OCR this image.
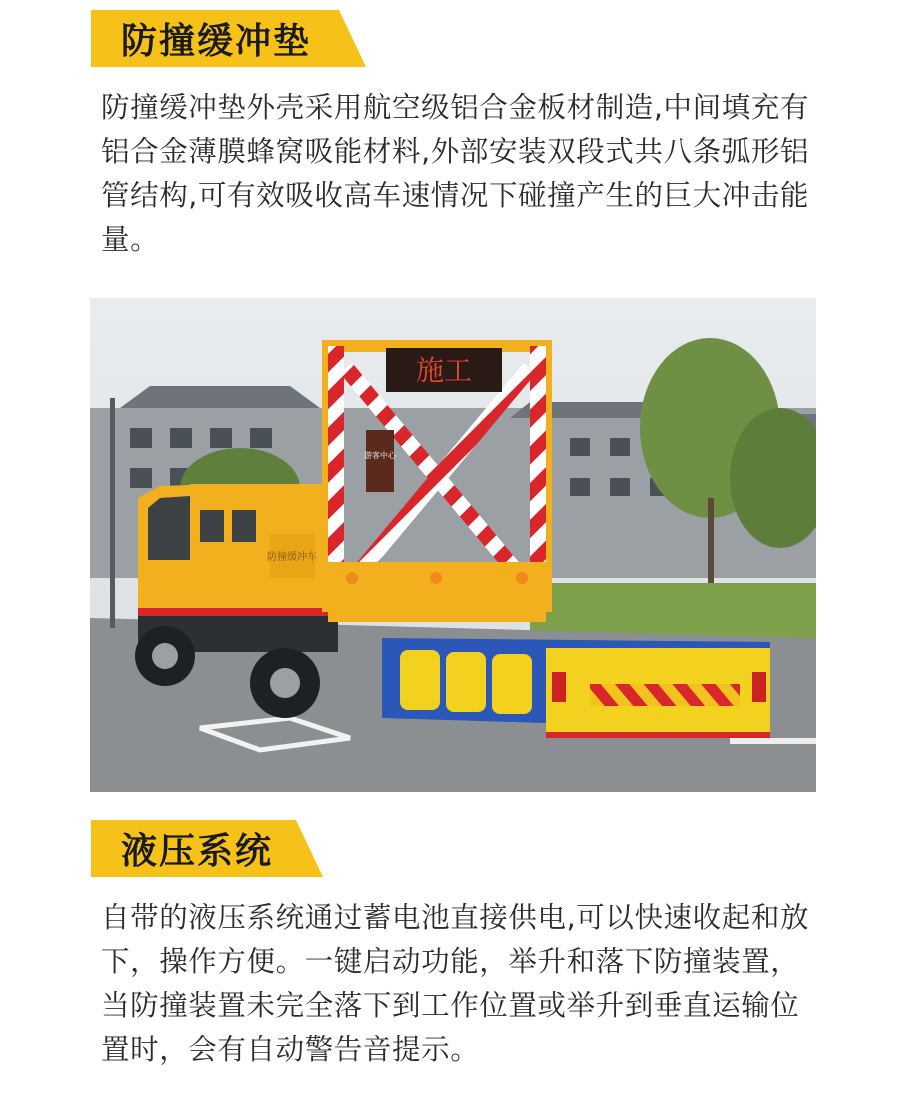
防撞缓冲垫

防撞缓冲垫外壳采用航空级铝合金板材制造,中间填充有铝合金薄膜蜂窝吸能材料,外部安装双段式共八条弧形铝管结构,可有效吸收高车速情况下碰撞产生的巨大冲击能量。

防撞缓冲车
施工
游客中心
液压系统

自带的液压系统通过蓄电池直接供电,可以快速收起和放下，操作方便。一键启动功能，举升和落下防撞装置，当防撞装置未完全落下到工作位置或举升到垂直运输位置时，会有自动警告音提示。
